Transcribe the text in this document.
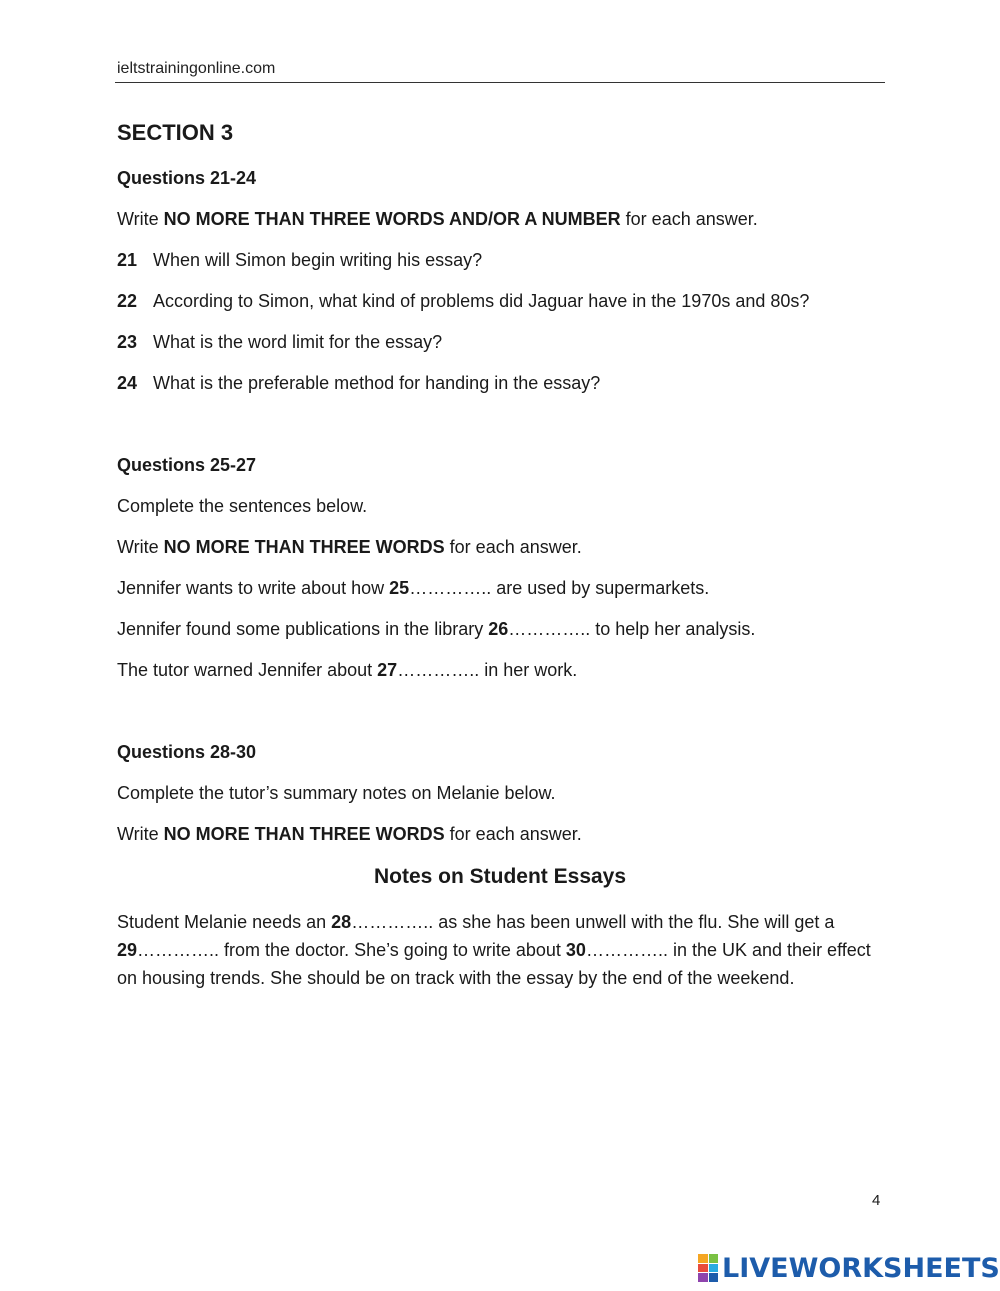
ieltstrainingonline.com
SECTION 3
Questions 21-24
Write NO MORE THAN THREE WORDS AND/OR A NUMBER for each answer.
21 When will Simon begin writing his essay?
22 According to Simon, what kind of problems did Jaguar have in the 1970s and 80s?
23 What is the word limit for the essay?
24 What is the preferable method for handing in the essay?
Questions 25-27
Complete the sentences below.
Write NO MORE THAN THREE WORDS for each answer.
Jennifer wants to write about how 25………….. are used by supermarkets.
Jennifer found some publications in the library 26………….. to help her analysis.
The tutor warned Jennifer about 27………….. in her work.
Questions 28-30
Complete the tutor’s summary notes on Melanie below.
Write NO MORE THAN THREE WORDS for each answer.
Notes on Student Essays
Student Melanie needs an 28………….. as she has been unwell with the flu. She will get a 29………….. from the doctor. She’s going to write about 30………….. in the UK and their effect on housing trends. She should be on track with the essay by the end of the weekend.
4
LIVEWORKSHEETS
